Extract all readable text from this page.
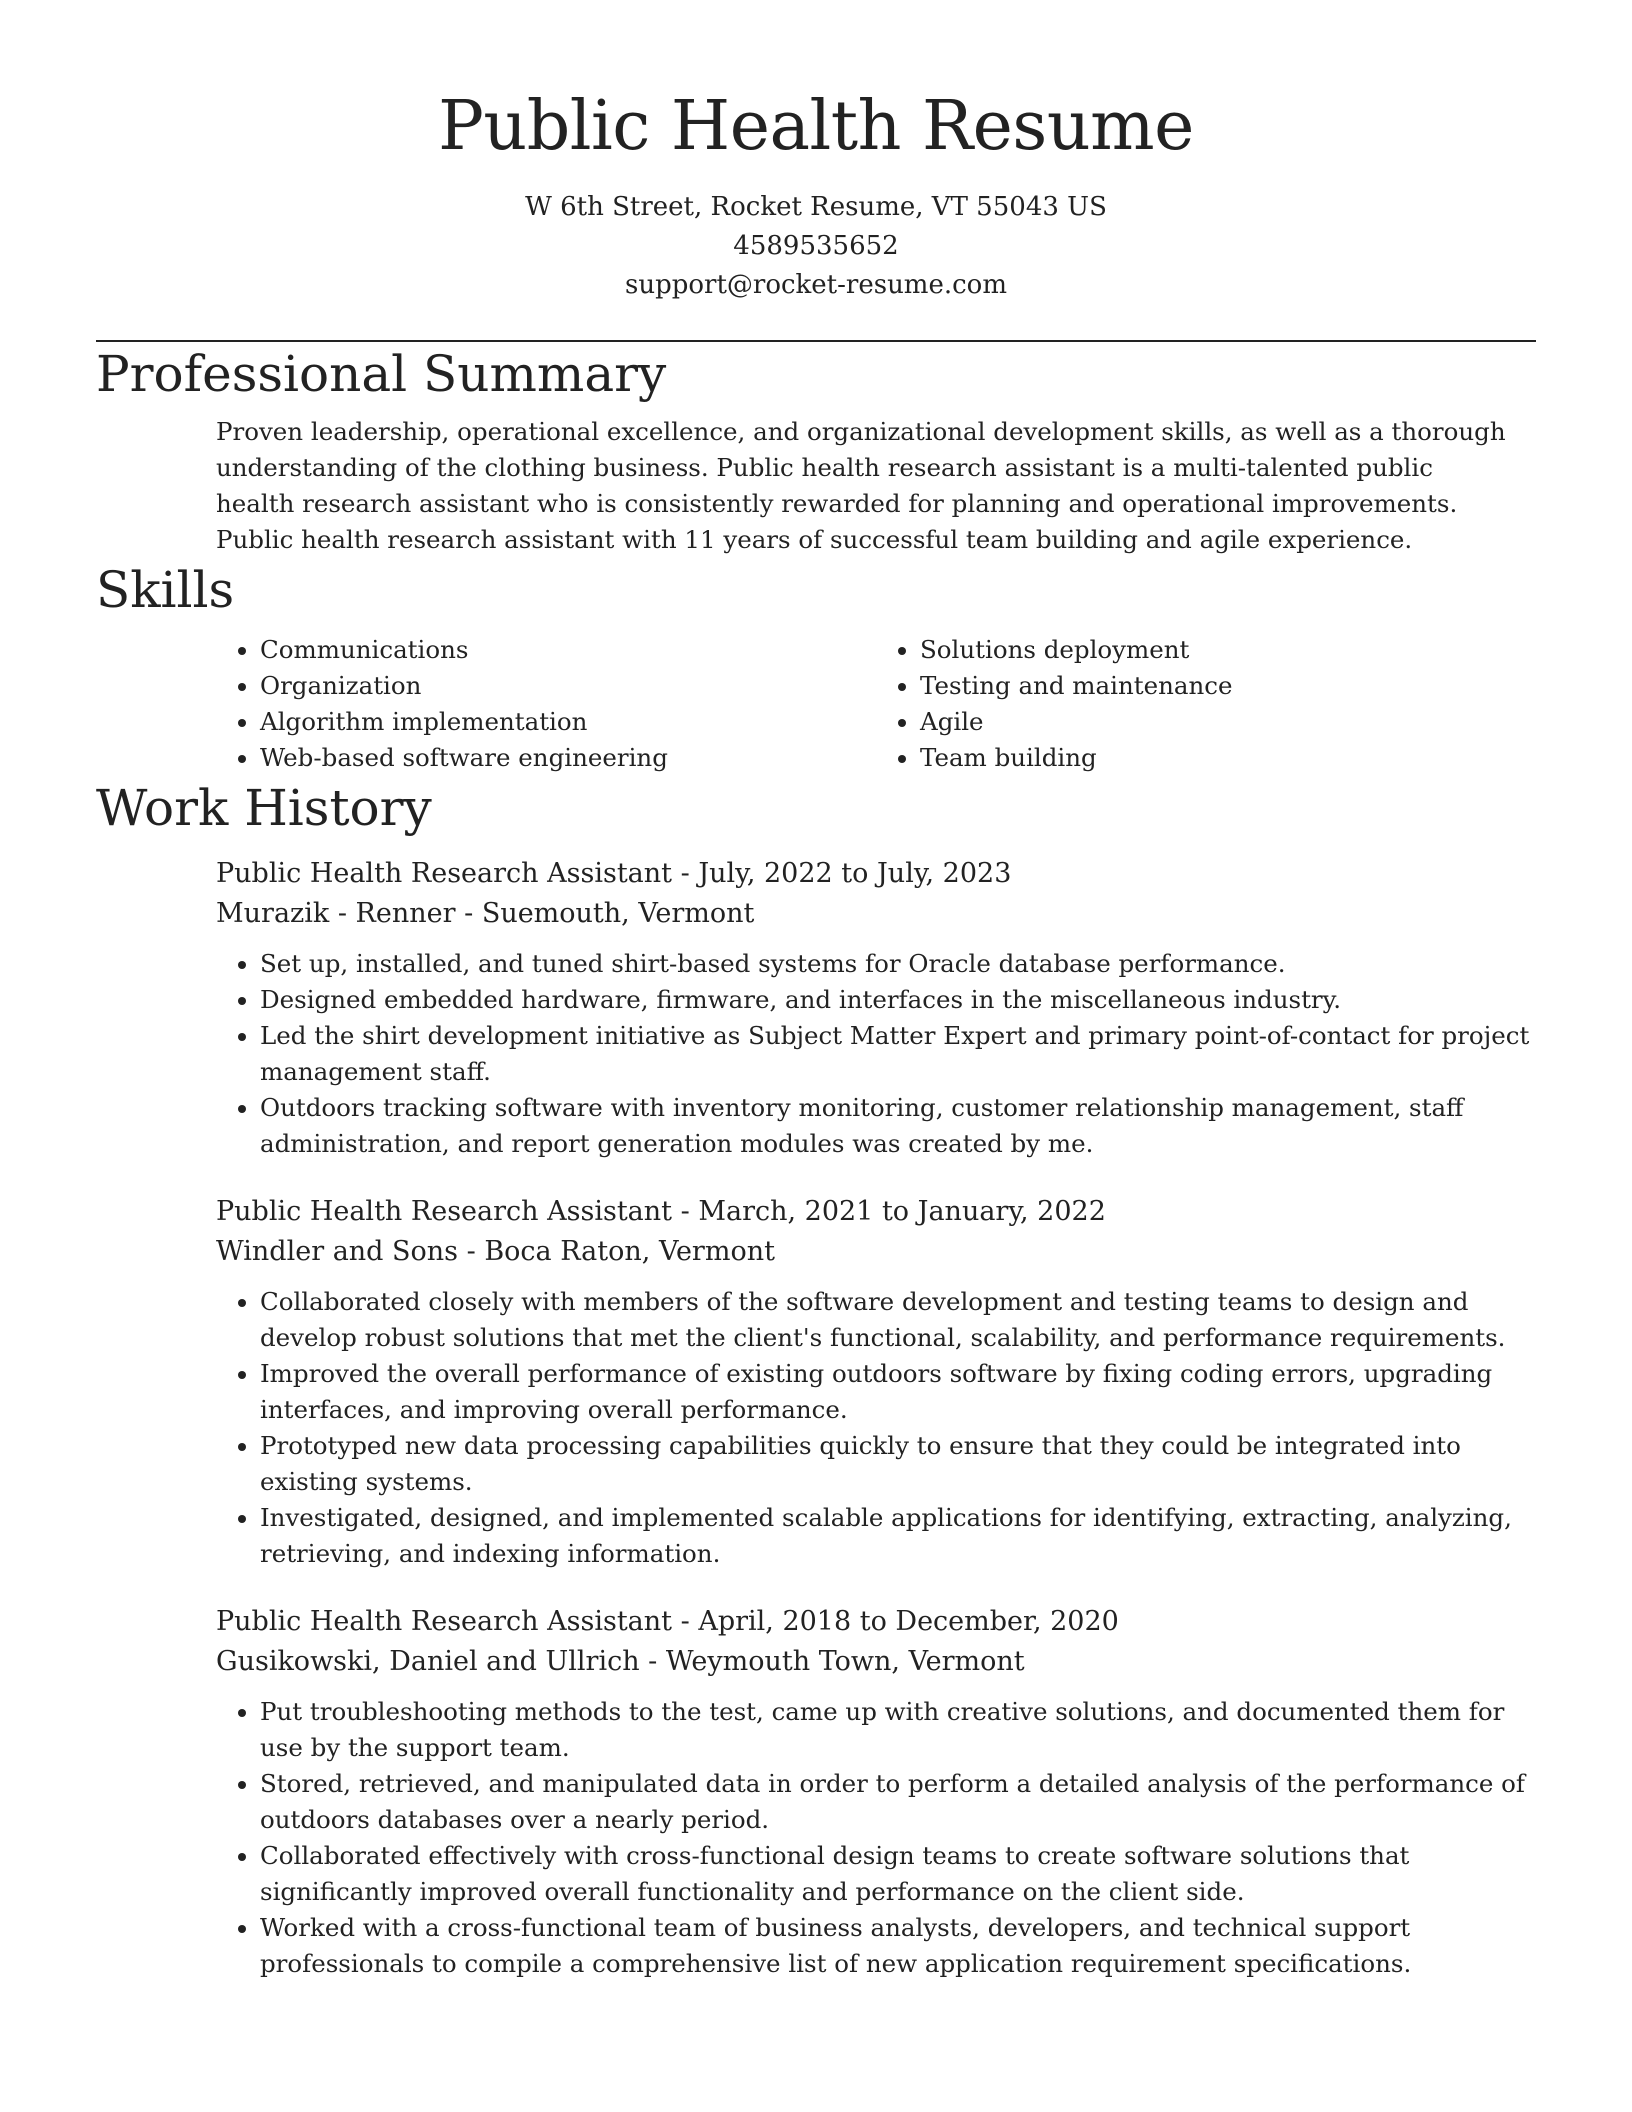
Public Health Resume
W 6th Street, Rocket Resume, VT 55043 US
4589535652
support@rocket-resume.com
Professional Summary
Proven leadership, operational excellence, and organizational development skills, as well as a thorough understanding of the clothing business. Public health research assistant is a multi-talented public health research assistant who is consistently rewarded for planning and operational improvements. Public health research assistant with 11 years of successful team building and agile experience.
Skills
• Communications
• Organization
• Algorithm implementation
• Web-based software engineering
• Solutions deployment
• Testing and maintenance
• Agile
• Team building
Work History
Public Health Research Assistant - July, 2022 to July, 2023
Murazik - Renner - Suemouth, Vermont
• Set up, installed, and tuned shirt-based systems for Oracle database performance.
• Designed embedded hardware, firmware, and interfaces in the miscellaneous industry.
• Led the shirt development initiative as Subject Matter Expert and primary point-of-contact for project management staff.
• Outdoors tracking software with inventory monitoring, customer relationship management, staff administration, and report generation modules was created by me.
Public Health Research Assistant - March, 2021 to January, 2022
Windler and Sons - Boca Raton, Vermont
• Collaborated closely with members of the software development and testing teams to design and develop robust solutions that met the client's functional, scalability, and performance requirements.
• Improved the overall performance of existing outdoors software by fixing coding errors, upgrading interfaces, and improving overall performance.
• Prototyped new data processing capabilities quickly to ensure that they could be integrated into existing systems.
• Investigated, designed, and implemented scalable applications for identifying, extracting, analyzing, retrieving, and indexing information.
Public Health Research Assistant - April, 2018 to December, 2020
Gusikowski, Daniel and Ullrich - Weymouth Town, Vermont
• Put troubleshooting methods to the test, came up with creative solutions, and documented them for use by the support team.
• Stored, retrieved, and manipulated data in order to perform a detailed analysis of the performance of outdoors databases over a nearly period.
• Collaborated effectively with cross-functional design teams to create software solutions that significantly improved overall functionality and performance on the client side.
• Worked with a cross-functional team of business analysts, developers, and technical support professionals to compile a comprehensive list of new application requirement specifications.
